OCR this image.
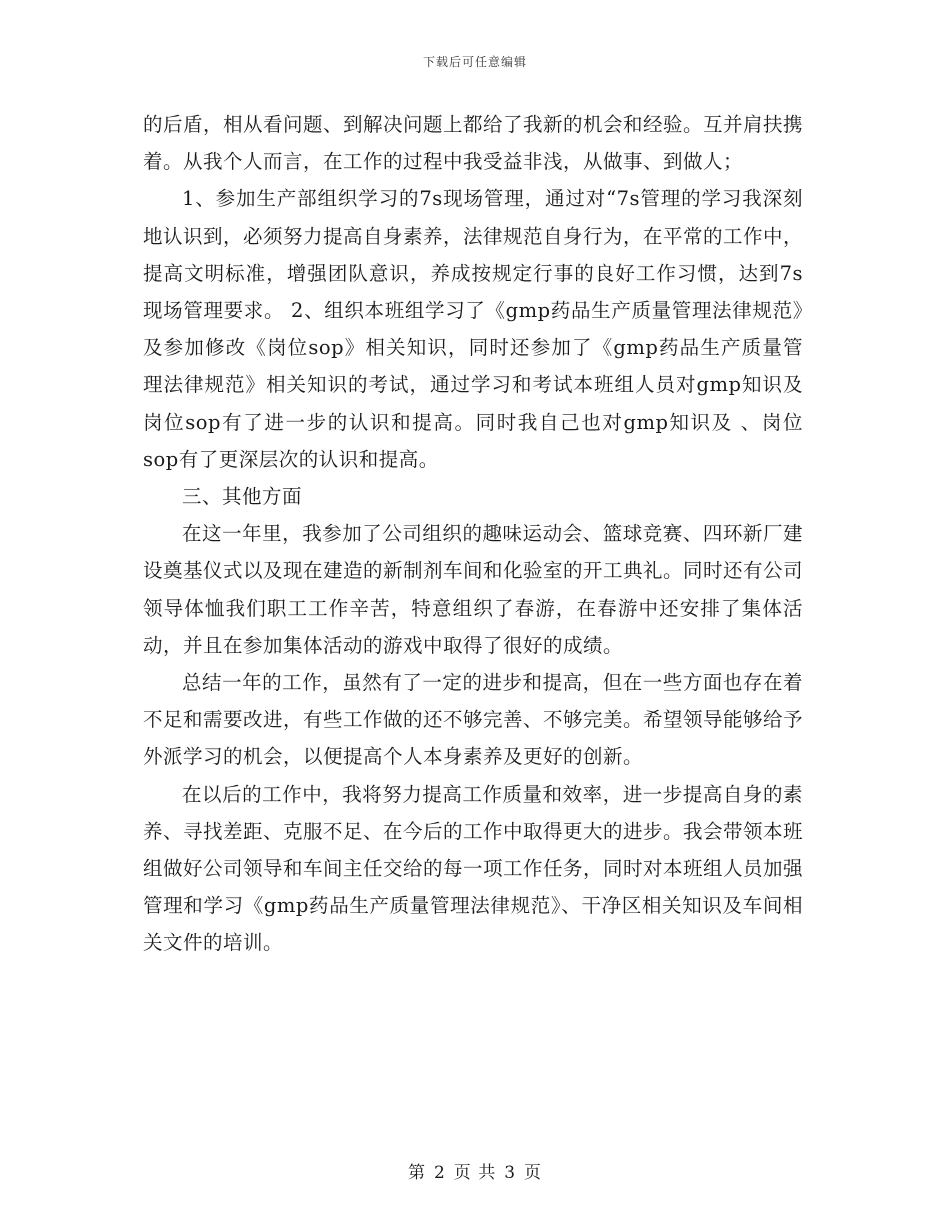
下载后可任意编辑

的后盾，相从看问题、到解决问题上都给了我新的机会和经验。互并肩扶携着。从我个人而言，在工作的过程中我受益非浅，从做事、到做人；

1、参加生产部组织学习的7s现场管理，通过对“7s管理的学习我深刻地认识到，必须努力提高自身素养，法律规范自身行为，在平常的工作中，提高文明标准，增强团队意识，养成按规定行事的良好工作习惯，达到7s现场管理要求。 2、组织本班组学习了《gmp药品生产质量管理法律规范》及参加修改《岗位sop》相关知识，同时还参加了《gmp药品生产质量管理法律规范》相关知识的考试，通过学习和考试本班组人员对gmp知识及岗位sop有了进一步的认识和提高。同时我自己也对gmp知识及 、岗位sop有了更深层次的认识和提高。

三、其他方面

在这一年里，我参加了公司组织的趣味运动会、篮球竞赛、四环新厂建设奠基仪式以及现在建造的新制剂车间和化验室的开工典礼。同时还有公司领导体恤我们职工工作辛苦，特意组织了春游，在春游中还安排了集体活动，并且在参加集体活动的游戏中取得了很好的成绩。

总结一年的工作，虽然有了一定的进步和提高，但在一些方面也存在着不足和需要改进，有些工作做的还不够完善、不够完美。希望领导能够给予外派学习的机会，以便提高个人本身素养及更好的创新。

在以后的工作中，我将努力提高工作质量和效率，进一步提高自身的素养、寻找差距、克服不足、在今后的工作中取得更大的进步。我会带领本班组做好公司领导和车间主任交给的每一项工作任务，同时对本班组人员加强管理和学习《gmp药品生产质量管理法律规范》、干净区相关知识及车间相关文件的培训。

第 2 页 共 3 页
